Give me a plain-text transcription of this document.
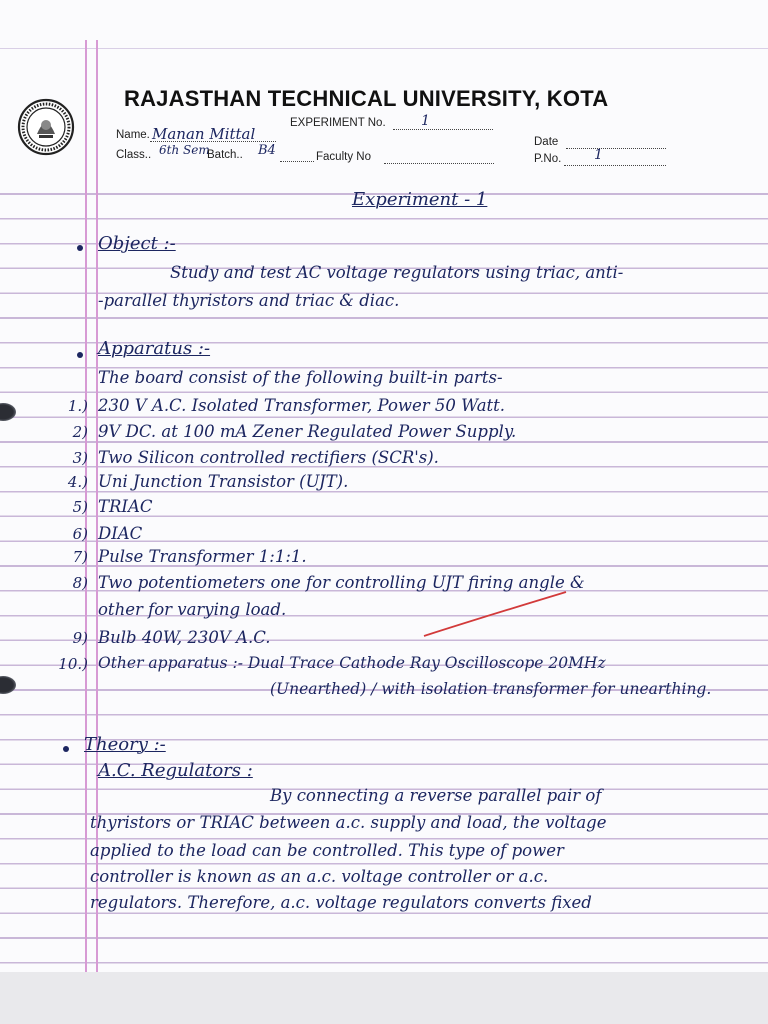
RAJASTHAN TECHNICAL UNIVERSITY, KOTA
EXPERIMENT No.	1
Name. Manan Mittal	Date
Class.. 6th Sem
Batch.. B4	Faculty No	P.No. 1
Experiment - 1
Object :-
Study and test AC voltage regulators using triac, anti-
-parallel thyristors and triac & diac.
Apparatus :-
The board consist of the following built-in parts-
1.) 230 V A.C. Isolated Transformer, Power 50 Watt.
2) 9V DC. at 100 mA Zener Regulated Power Supply.
3) Two Silicon controlled rectifiers (SCR's).
4.) Uni Junction Transistor (UJT).
5) TRIAC
6) DIAC
7) Pulse Transformer 1:1:1.
8) Two potentiometers one for controlling UJT firing angle &
other for varying load.
9) Bulb 40W, 230V A.C.
10.) Other apparatus :- Dual Trace Cathode Ray Oscilloscope 20MHz
(Unearthed) / with isolation transformer for unearthing.
Theory :-
A.C. Regulators :
By connecting a reverse parallel pair of
thyristors or TRIAC between a.c. supply and load, the voltage
applied to the load can be controlled. This type of power
controller is known as an a.c. voltage controller or a.c.
regulators. Therefore, a.c. voltage regulators converts fixed
